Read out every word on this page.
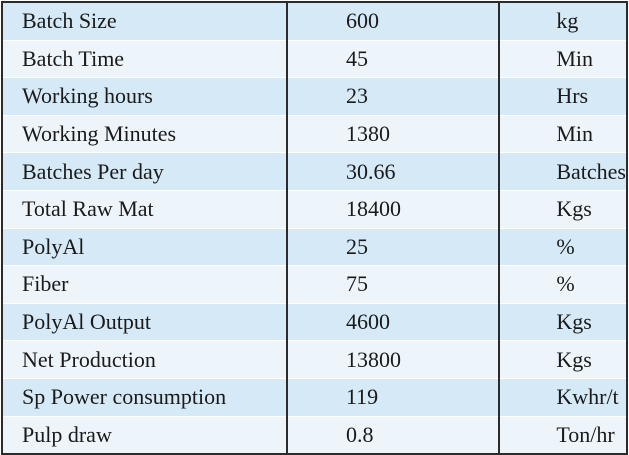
Batch Size	600	kg
Batch Time	45	Min
Working hours	23	Hrs
Working Minutes	1380	Min
Batches Per day	30.66	Batches
Total Raw Mat	18400	Kgs
PolyAl	25	%
Fiber	75	%
PolyAl Output	4600	Kgs
Net Production	13800	Kgs
Sp Power consumption	119	Kwhr/t
Pulp draw	0.8	Ton/hr
